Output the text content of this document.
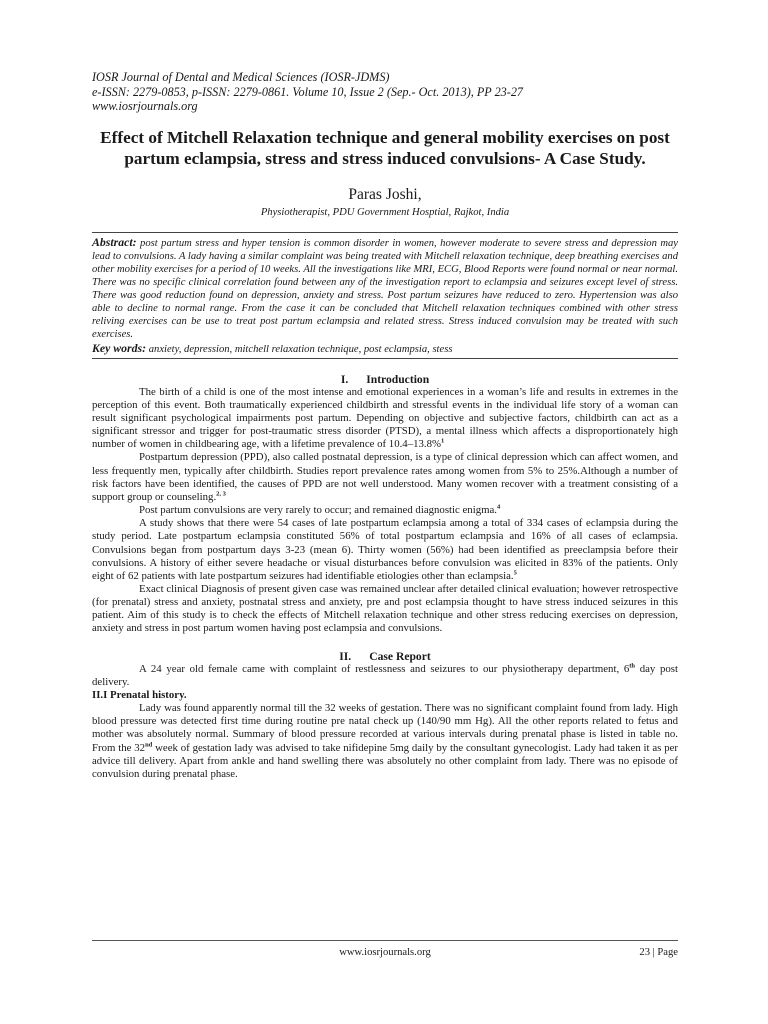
IOSR Journal of Dental and Medical Sciences (IOSR-JDMS)

e-ISSN: 2279-0853, p-ISSN: 2279-0861. Volume 10, Issue 2 (Sep.- Oct. 2013), PP 23-27

www.iosrjournals.org

Effect of Mitchell Relaxation technique and general mobility exercises on post partum eclampsia, stress and stress induced convulsions- A Case Study.

Paras Joshi,

Physiotherapist, PDU Government Hosptial, Rajkot, India

Abstract: post partum stress and hyper tension is common disorder in women, however moderate to severe stress and depression may lead to convulsions. A lady having a similar complaint was being treated with Mitchell relaxation technique, deep breathing exercises and other mobility exercises for a period of 10 weeks. All the investigations like MRI, ECG, Blood Reports were found normal or near normal. There was no specific clinical correlation found between any of the investigation report to eclampsia and seizures except level of stress. There was good reduction found on depression, anxiety and stress. Post partum seizures have reduced to zero. Hypertension was also able to decline to normal range. From the case it can be concluded that Mitchell relaxation techniques combined with other stress reliving exercises can be use to treat post partum eclampsia and related stress. Stress induced convulsion may be treated with such exercises.

Key words: anxiety, depression, mitchell relaxation technique, post eclampsia, stess

I. Introduction

The birth of a child is one of the most intense and emotional experiences in a woman’s life and results in extremes in the perception of this event. Both traumatically experienced childbirth and stressful events in the individual life story of a woman can result significant psychological impairments post partum. Depending on objective and subjective factors, childbirth can act as a significant stressor and trigger for post-traumatic stress disorder (PTSD), a mental illness which affects a disproportionately high number of women in childbearing age, with a lifetime prevalence of 10.4–13.8%$^1$

Postpartum depression (PPD), also called postnatal depression, is a type of clinical depression which can affect women, and less frequently men, typically after childbirth. Studies report prevalence rates among women from 5% to 25%.Although a number of risk factors have been identified, the causes of PPD are not well understood. Many women recover with a treatment consisting of a support group or counseling.$^{2, 3}$

Post partum convulsions are very rarely to occur; and remained diagnostic enigma.$^4$

A study shows that there were 54 cases of late postpartum eclampsia among a total of 334 cases of eclampsia during the study period. Late postpartum eclampsia constituted 56% of total postpartum eclampsia and 16% of all cases of eclampsia. Convulsions began from postpartum days 3-23 (mean 6). Thirty women (56%) had been identified as preeclampsia before their convulsions. A history of either severe headache or visual disturbances before convulsion was elicited in 83% of the patients. Only eight of 62 patients with late postpartum seizures had identifiable etiologies other than eclampsia.$^5$

Exact clinical Diagnosis of present given case was remained unclear after detailed clinical evaluation; however retrospective (for prenatal) stress and anxiety, postnatal stress and anxiety, pre and post eclampsia thought to have stress induced seizures in this patient. Aim of this study is to check the effects of Mitchell relaxation technique and other stress reducing exercises on depression, anxiety and stress in post partum women having post eclampsia and convulsions.

II. Case Report

A 24 year old female came with complaint of restlessness and seizures to our physiotherapy department, 6th day post delivery.

II.I Prenatal history.

Lady was found apparently normal till the 32 weeks of gestation. There was no significant complaint found from lady. High blood pressure was detected first time during routine pre natal check up (140/90 mm Hg). All the other reports related to fetus and mother was absolutely normal. Summary of blood pressure recorded at various intervals during prenatal phase is listed in table no. From the 32nd week of gestation lady was advised to take nifidepine 5mg daily by the consultant gynecologist. Lady had taken it as per advice till delivery. Apart from ankle and hand swelling there was absolutely no other complaint from lady. There was no episode of convulsion during prenatal phase.

www.iosrjournals.org	23 | Page
